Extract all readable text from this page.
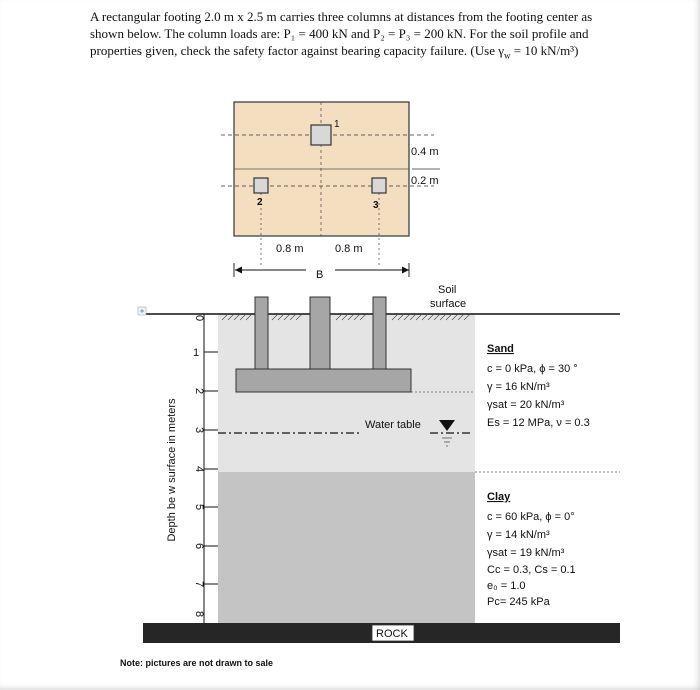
A rectangular footing 2.0 m x 2.5 m carries three columns at distances from the footing center as

shown below. The column loads are: P₁ = 400 kN and P₂ = P₃ = 200 kN. For the soil profile and

properties given, check the safety factor against bearing capacity failure. (Use $\gamma_w = 10$ kN/m³)

1
2	3
0.4 m
0.2 m
0.8 m	0.8 m
B
Soil
surface
Water table
ROCK
0
1
2
3
4
5
6
7
8
Depth be w surface in meters
Sand
c = 0 kPa, ϕ = 30 °
γ = 16 kN/m³
γsat = 20 kN/m³
Es = 12 MPa, ν = 0.3
Clay
c = 60 kPa, ϕ = 0°
γ = 14 kN/m³
γsat = 19 kN/m³
Cc = 0.3, Cs = 0.1
e₀ = 1.0
Pc= 245 kPa
Note: pictures are not drawn to sale
